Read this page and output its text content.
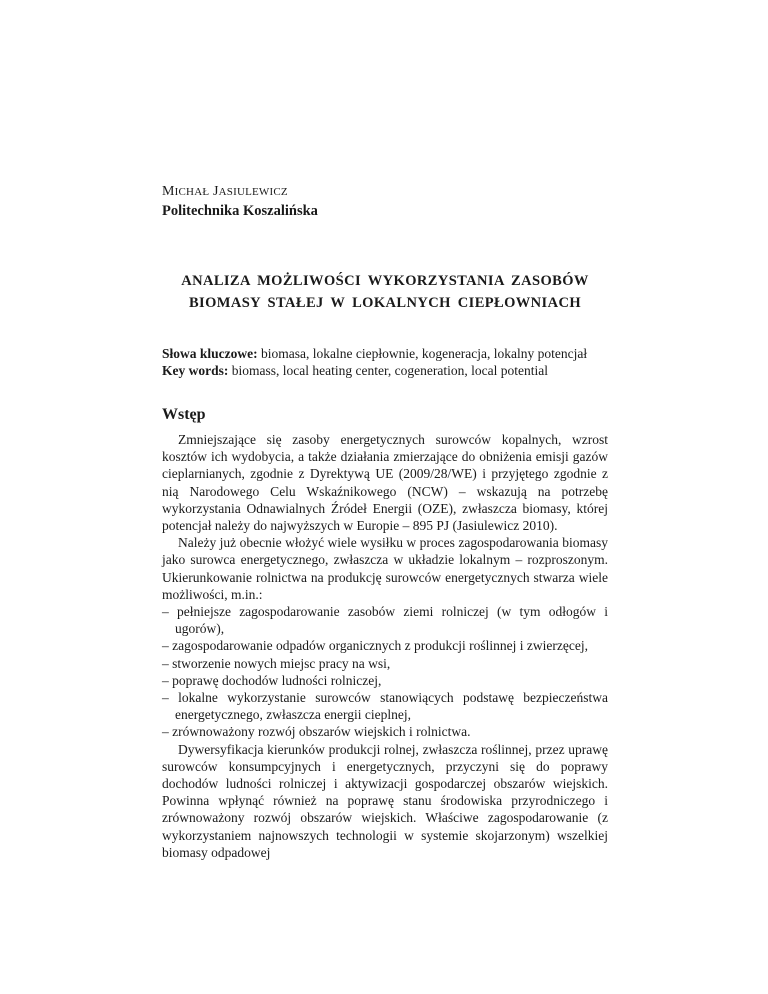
MICHAŁ JASIULEWICZ
Politechnika Koszalińska
ANALIZA MOŻLIWOŚCI WYKORZYSTANIA ZASOBÓW
BIOMASY STAŁEJ W LOKALNYCH CIEPŁOWNIACH
Słowa kluczowe: biomasa, lokalne ciepłownie, kogeneracja, lokalny potencjał
Key words: biomass, local heating center, cogeneration, local potential
Wstęp

Zmniejszające się zasoby energetycznych surowców kopalnych, wzrost kosztów ich wydobycia, a także działania zmierzające do obniżenia emisji gazów cieplarnianych, zgodnie z Dyrektywą UE (2009/28/WE) i przyjętego zgodnie z nią Narodowego Celu Wskaźnikowego (NCW) – wskazują na potrzebę wykorzystania Odnawialnych Źródeł Energii (OZE), zwłaszcza biomasy, której potencjał należy do najwyższych w Europie – 895 PJ (Jasiulewicz 2010).

Należy już obecnie włożyć wiele wysiłku w proces zagospodarowania biomasy jako surowca energetycznego, zwłaszcza w układzie lokalnym – rozproszonym. Ukierunkowanie rolnictwa na produkcję surowców energetycznych stwarza wiele możliwości, m.in.:

– pełniejsze zagospodarowanie zasobów ziemi rolniczej (w tym odłogów i ugorów),

– zagospodarowanie odpadów organicznych z produkcji roślinnej i zwierzęcej,

– stworzenie nowych miejsc pracy na wsi,

– poprawę dochodów ludności rolniczej,

– lokalne wykorzystanie surowców stanowiących podstawę bezpieczeństwa energetycznego, zwłaszcza energii cieplnej,

– zrównoważony rozwój obszarów wiejskich i rolnictwa.

Dywersyfikacja kierunków produkcji rolnej, zwłaszcza roślinnej, przez uprawę surowców konsumpcyjnych i energetycznych, przyczyni się do poprawy dochodów ludności rolniczej i aktywizacji gospodarczej obszarów wiejskich. Powinna wpłynąć również na poprawę stanu środowiska przyrodniczego i zrównoważony rozwój obszarów wiejskich. Właściwe zagospodarowanie (z wykorzystaniem najnowszych technologii w systemie skojarzonym) wszelkiej biomasy odpadowej
